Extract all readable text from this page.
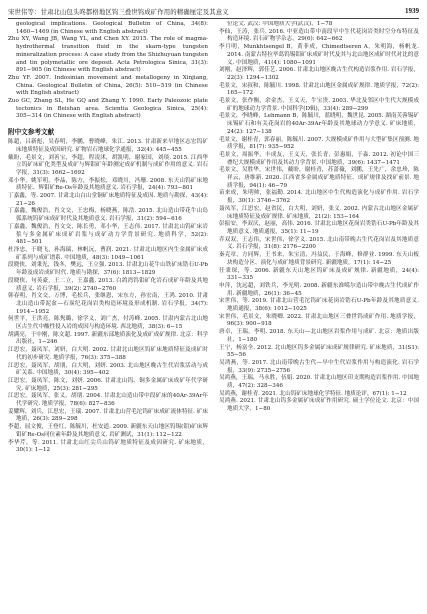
宋世伟等：甘肃北山包头咚都格地区钨三叠世钨成矿作用的精确厘定及其意义	1939

geological implications. Geological Bulletin of China, 34(8): 1460−1469 (in Chinese with English abstract)

Zhu XY, Wang JB, Wang YL, and Chen XY. 2015. The role of magma-hydrothermal transition fluid in the skarn-type tungsten mineralization process: A case study from the Shizhuyuan tungsten and tin polymetallic ore deposit. Acta Petrologica Sinica, 31(3): 891−905 (in Chinese with English abstract)

Zhu YF. 2007. Indosinian movement and metallogeny in Xinjiang, China. Geological Bulletin of China, 26(5): 510−519 (in Chinese with English abstract)

Zuo GC, Zhang SL, He GQ and Zhang Y. 1990. Early Paleozoic plate tectonics in Beishan area. Scientia Geologica Sinica, 25(4): 305−314 (in Chinese with English abstract)

附中文参考文献

陈超，吕新彪，吴春明，李鹏，曹晓峰，朱江. 2013. 甘肃新来早地区志宏钨矿床地质特征及成因研究. 矿物岩石地球化学通报，32(4): 445−455

戴盼，毛景文，刘善宝，李超，程凌沭，胡凯明，谢家国，刘琰. 2015. 江西华立钨矿床矿化类型及成矿与辉钼矿年龄测定成矿机制与成矿作用的意义. 岩石学报，31(3): 1662−1692

邓小华，姚军明，李晶，陈方，李振松，邓晓川，冯珊. 2008. 东天山钨矿床地质特征、辉钼矿Re-Os年龄及其地质意义. 岩石学报，24(4): 793−801

丁嘉鑫，等. 2007. 甘肃北山白山堂铜矿床地质特征及成因. 地质与勘探，43(4): 21−26

丁嘉鑫，魏俊浩，肖文交，王忠梅，杨晓燕，陈浩. 2015. 北山造山带花牛山岛弧系统钨矿床成矿时代及其地质意义. 岩石学报，31(2): 594−616

丁嘉鑫，魏俊浩，肖文交，陈长勇，邓小华，王志伟. 2017. 甘肃北山钨矿床岩浆与多金属矿床成矿岩浆与成矿动力学背景研究. 地质科学，52(2): 481−501

杜泽忠，于晓飞，孙海瑞，林帆沅，曹润. 2021. 甘肃北山地区内生金属矿床成矿系列与成矿谱系. 中国地质，48(3): 1049−1061

段晓侠，刘秉光，钱冬，樊远，王立强. 2013. 甘肃北山花牛山铁矿床锆石U-Pb年龄及成岩成矿时代. 地质与勘探，37(6): 1813−1829

段晓侠，句英豪，王二立，王嘉鑫. 2013. 白鸽湾钨钼矿化岩石成矿年龄及其地质意义. 岩石学报，39(2): 2740−2760

韩春明，肖文交，万博，毛松兵，张继恩，宋东方，孙宏南，王鸿. 2010. 甘肃北山造山带泥盆—石炭纪花岗岩类构造环境及形成机制. 岩石学报，34(7): 1914−1952

何世平，王洪亮，陈隽璐，徐学义，刘广杰，付涛峰. 2005. 甘肃内蒙古北山地区古生代中酸性侵入岩的成因与构造环境. 西北地质，38(3): 6−15

胡满亮，于中刚，陈文超. 1997. 新疆东部地质演化及成矿成矿规律. 北京：科学出版社，1−246

江思宏，聂凤军，刘妍，白大明. 2002. 甘肃北山地区钨矿床地质特征及成矿时代的初步研究. 地质学报，76(3): 375−388

江思宏，聂凤军，胡朋，白大明，刘妍. 2003. 北山地区晚古生代岩浆活动与成矿关系. 中国地质，30(4): 395−402

江思宏，聂凤军，陈文，刘妍. 2006. 甘肃北山钨、铜多金属矿床成矿年代学研究. 矿床地质，25(3): 281−295

江思宏，聂凤军，张义，胡朋. 2004. 甘肃北山造山带中段矿床的40Ar-39Ar年代学研究. 地质学报，78(6): 827−836

姜耀辉，刘兵，江思宏，王瑞. 2007. 甘肃北山营毛沱钨矿床成矿流体特征. 矿床地质，26(3): 289−298

李超，屈文俊，王登红，陈毓川，杜安道. 2009. 新疆东天山地区钨锡(钼)矿床辉钼矿Re-Os同位素年龄及其地质意义. 岩矿测试，31(1): 112−122

李华芹，等. 2011. 甘肃北山红尖兵山钨矿地质特征及成因研究. 矿床地质，30(1): 1−12

位论文. 武汉: 中国地质大学(武汉)，1−78

李仙，王涛，张兵. 2016. 中亚造山带中南段早中生代花岗岩类时空分布特征及构造环境. 岩石矿物学杂志，29(6): 642−662

李月明，Munkhtsengel B，黄菲成，Chimedtseren A，朱明海，杨帆龙. 2014. 南蒙古特拉毕葛钨锡钼矿床成矿时代及其与北山地区成矿时代对比的意义. 中国地质，41(4): 1080−1091

刘刚，赵泽辉，郭佳艺. 2006. 甘肃北山地区晚古生代构造岩浆作用. 岩石学报，22(3): 1294−1302

毛景文，宋叔和，陈毓川. 1998. 甘肃北山地区金属成矿规律. 地质学报，72(2): 165−172

毛景文，张作衡，余金杰，王义天，牛宝贵. 2003. 华北及邻区中生代大规模成矿的地球动力学背景. 中国科学(D辑)，33(4): 289−299

毛景文，李晓峰，Lehmann B，陈毓川，蓝晓明，魏世昆. 2005. 湖南芙蓉锡矿床锡矿石和有关花岗岩的40Ar-39Ar年龄及其地球动力学意义. 矿床地质，24(2): 127−138

毛景文，谢桂青，郭春丽，陈毓川. 2007. 大规模成矿作用与大型矿集区预测. 地质学报，81(7): 935−952

毛景文，周振华，丰成友，王义天，张长青，彭惠娟，于淼. 2012. 初论中国三叠纪大规模成矿作用及其动力学背景. 中国地质，39(6): 1437−1471

毛景文，吴胜华，宋世伟，戴盼，谢桂青，苏蔷薇，刘鹏，王先广，余忠珍，陈祥云，唐维新. 2020. 江西省多金属成矿地质特征、成矿规律及找矿前景. 地质学报，94(1): 46−79

苗来成，朱明帅，张福勤. 2014. 北山地区中生代构造演化与成矿作用. 岩石学报，30(1): 3746−3762

聂凤军，江思宏，赵省民，白大明，刘妍，张义. 2002. 内蒙古北山地区金属矿床地质特征及成矿规律. 矿床地质，21(2): 153−164

彭振安，李双庆，赵丽，高伟. 2016. 甘肃北山地区花岗岩类锆石U-Pb年龄及其地质意义. 地质通报，35(1): 11−19

乔双双，王志伟，宋世伟，徐学义. 2015. 北山南带晚古生代花岗岩及其地质意义. 岩石学报，31(8): 2176−2200

秦克章，方同辉，王书来，朱宝清，冯益民，于海峰，修群业. 1999. 东天山板块构造分区、演化与成矿地质背景研究. 新疆地质，17(1): 14−25

任秉琛，等. 2006. 新疆东天山地区钨矿床及成矿规律. 新疆地质，24(4): 331−335

申萍，沈远超，刘铁兵，李光明. 2008. 新疆东准噶尔造山带中晚古生代成矿作用. 新疆地质，26(1): 36−45

宋世伟，等. 2019. 甘肃北山营毛沱钨矿床花岗岩锆石U-Pb年龄及其地质意义. 地质通报，38(6): 1012−1025

宋世伟，毛景文，朱晓卿. 2022. 甘肃北山地区三叠世钨成矿作用. 地质学报，96(3): 900−918

唐卓，王瑞，李明. 2018. 东天山—北山地区岩浆作用与成矿. 北京：地质出版社，1−180

王宁，杨富全. 2012. 北山地区钨多金属矿床成矿规律研究. 矿床地质，31(S1): 55−56

吴鸿燕，等. 2017. 北山南带晚古生代—早中生代岩浆作用与构造演化. 岩石学报，33(9): 2735−2756

吴鸿燕，王瑞，马永胜，伍娟. 2020. 甘肃北山地区印支期构造岩浆作用. 中国地质，47(2): 328−346

吴鸿燕，谢桂青. 2021. 北山钨矿床地球化学特征. 地质论评，67(1): 1−12

吴鸿燕. 2021. 甘肃北山钨多金属矿床成矿作用研究. 硕士学位论文. 北京：中国地质大学，1−80
